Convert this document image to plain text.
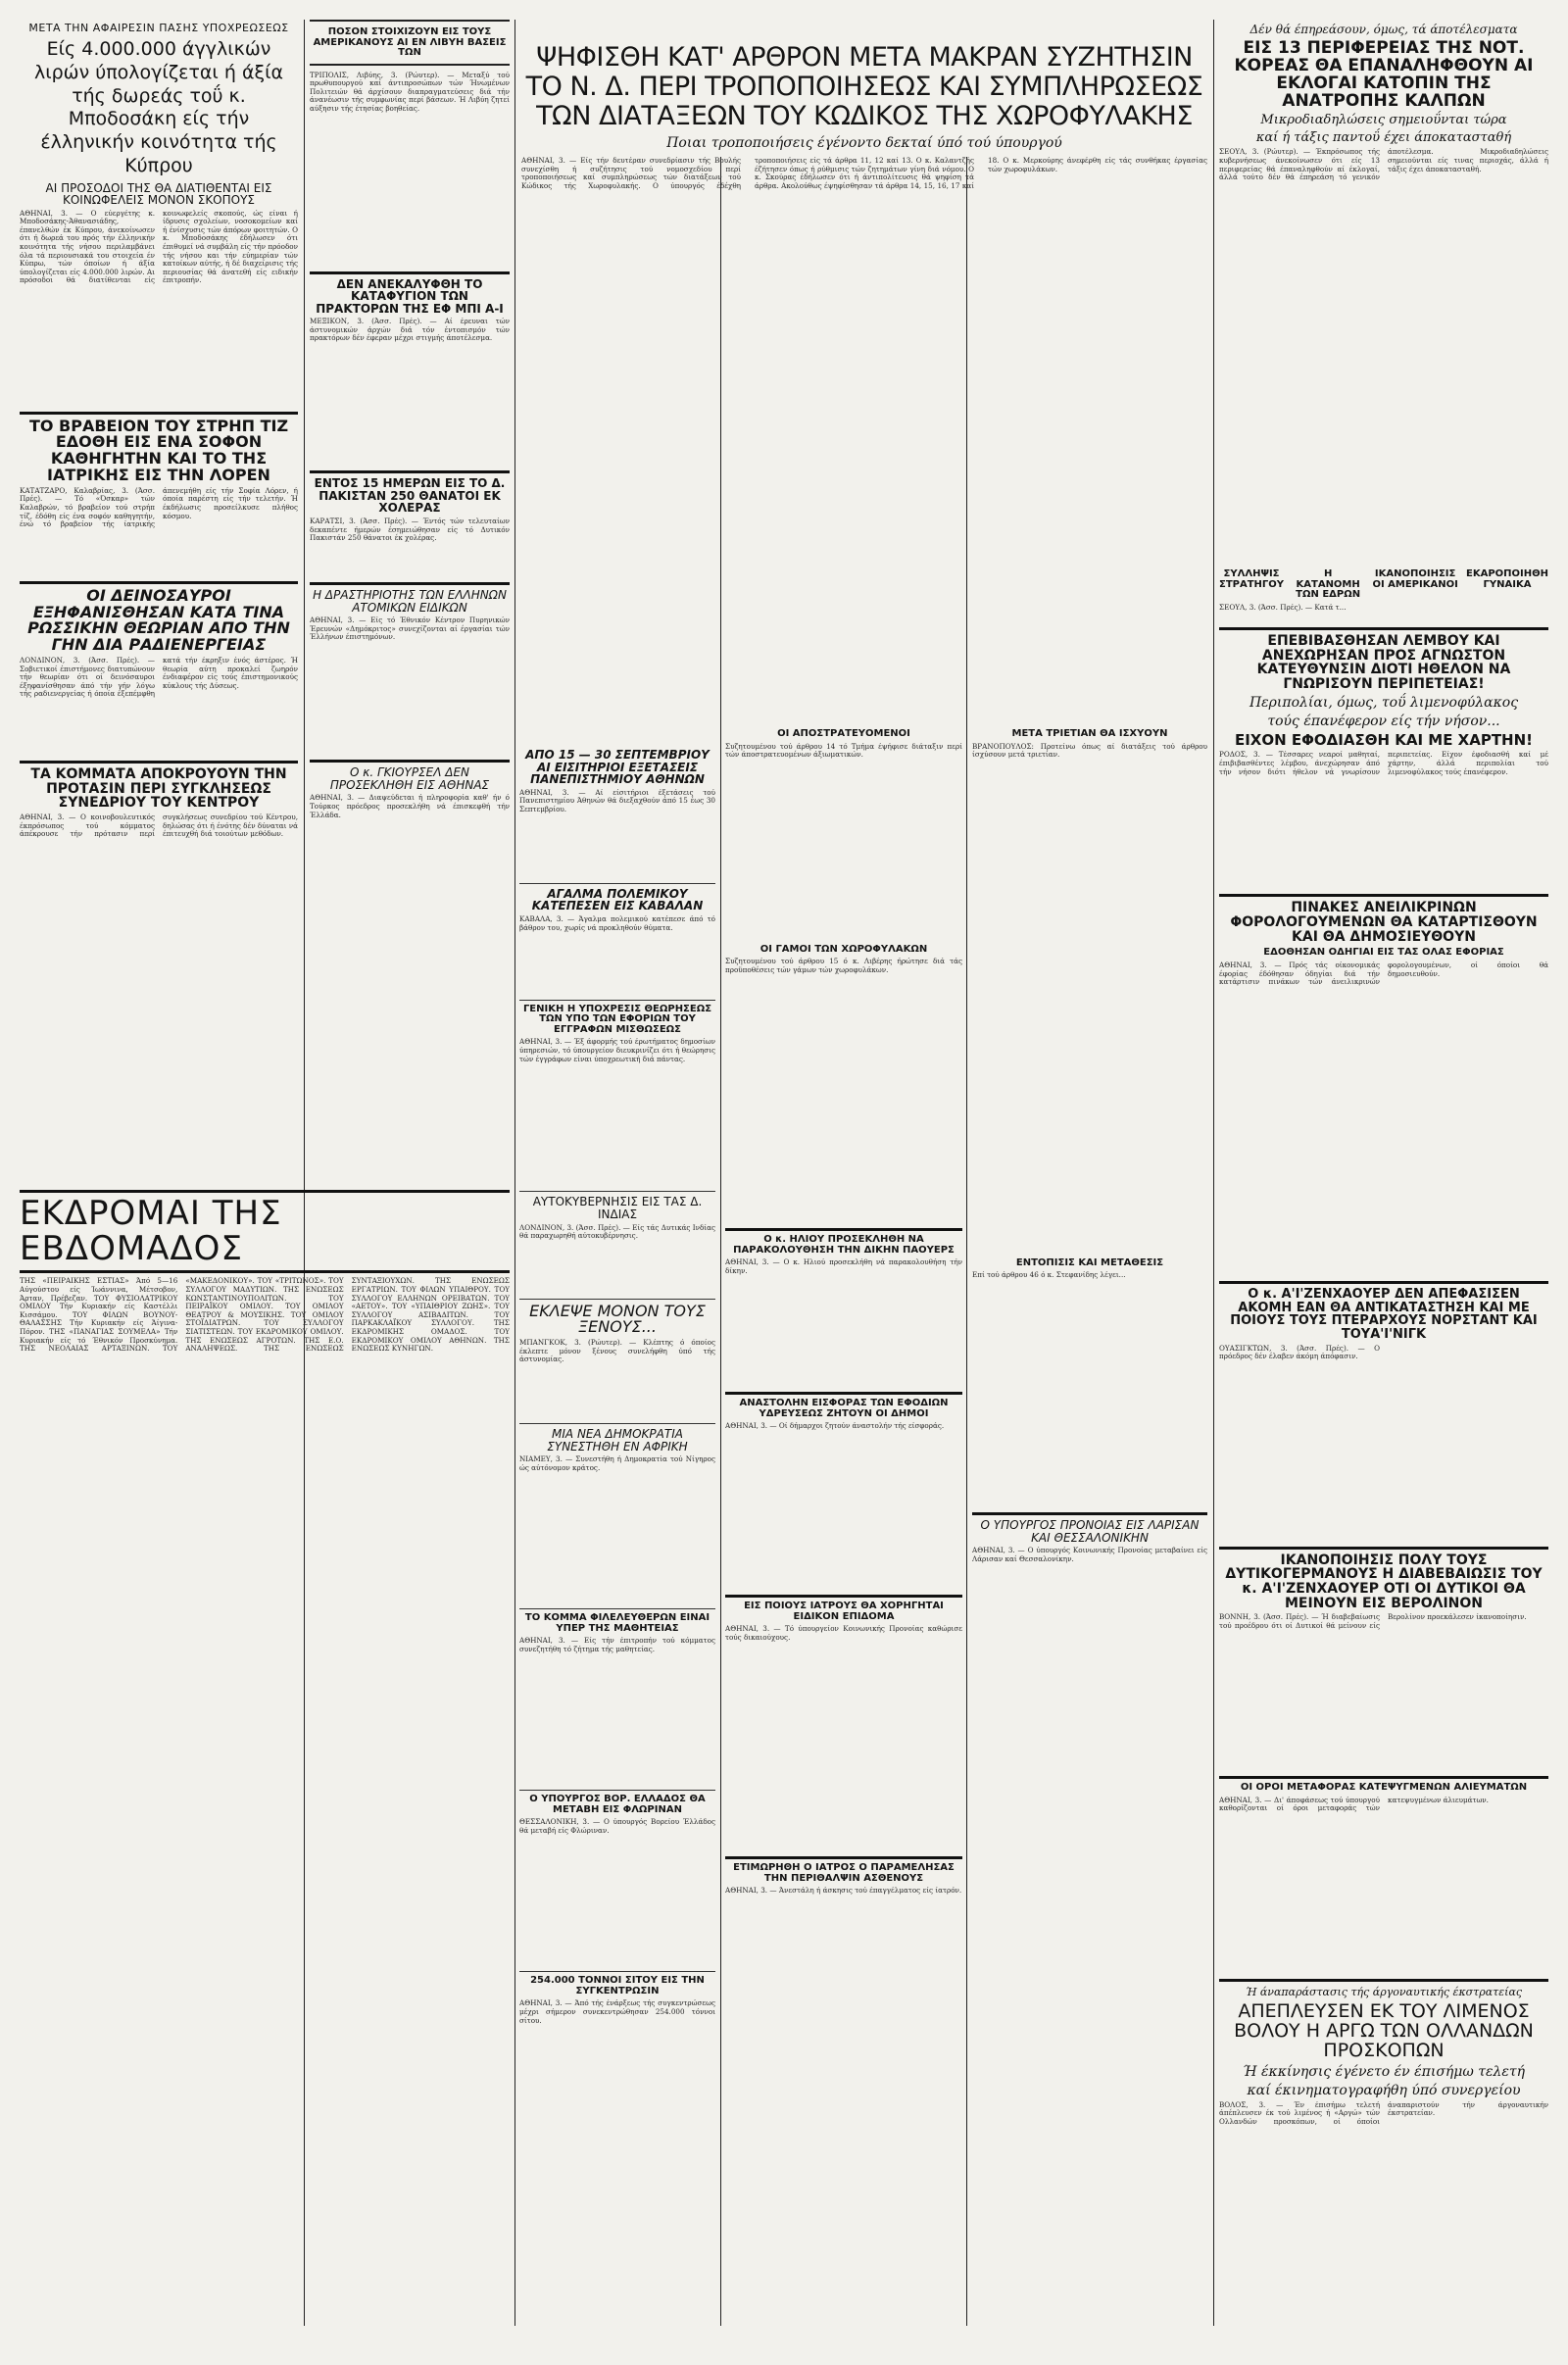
ΜΕΤΑ ΤΗΝ ΑΦΑΙΡΕΣΙΝ ΠΑΣΗΣ ΥΠΟΧΡΕΩΣΕΩΣ
Είς 4.000.000 άγγλικών λιρών ύπολογίζεται ή άξία τής δωρεάς τοΰ κ. Μποδοσάκη είς τήν έλληνικήν κοινότητα τής Κύπρου
ΑΙ ΠΡΟΣΟΔΟΙ ΤΗΣ ΘΑ ΔΙΑΤΙΘΕΝΤΑΙ ΕΙΣ ΚΟΙΝΩΦΕΛΕΙΣ ΜΟΝΟΝ ΣΚΟΠΟΥΣ
ΑΘΗΝΑΙ, 3. — Ο εύεργέτης κ. Μποδοσάκης-Άθανασιάδης, έπανελθών έκ Κύπρου, άνεκοίνωσεν ότι ή δωρεά του πρός τήν έλληνικήν κοινότητα τής νήσου περιλαμβάνει όλα τά περιουσιακά του στοιχεία έν Κύπρω, τών όποίων ή άξία ύπολογίζεται είς 4.000.000 λιρών. Αι πρόσοδοι θά διατίθενται είς κοινωφελείς σκοπούς, ώς είναι ή ίδρυσις σχολείων, νοσοκομείων καί ή ένίσχυσις τών άπόρων φοιτητών. Ο κ. Μποδοσάκης έδήλωσεν ότι έπιθυμεί νά συμβάλη είς τήν πρόοδον τής νήσου και τήν εύημερίαν τών κατοίκων αύτής, ή δέ διαχείρισις τής περιουσίας θά άνατεθή είς ειδικήν έπιτροπήν.
ΤΟ ΒΡΑΒΕΙΟΝ ΤΟΥ ΣΤΡΗΠ ΤΙΖ ΕΔΟΘΗ ΕΙΣ ΕΝΑ ΣΟΦΟΝ ΚΑΘΗΓΗΤΗΝ ΚΑΙ ΤΟ ΤΗΣ ΙΑΤΡΙΚΗΣ ΕΙΣ ΤΗΝ ΛΟΡΕΝ
ΚΑΤΑΤΖΑΡΟ, Καλαβρίας, 3. (Άσσ. Πρές). — Τό «Όσκαρ» τών Καλαβρών, τό βραβείον τού στρήπ τίζ, έδόθη είς ένα σοφόν καθηγητήν, ένώ τό βραβείον τής ίατρικής άπενεμήθη είς τήν Σοφία Λόρεν, ή όποία παρέστη είς τήν τελετήν. Ή έκδήλωσις προσείλκυσε πλήθος κόσμου.
ΟΙ ΔΕΙΝΟΣΑΥΡΟΙ ΕΞΗΦΑΝΙΣΘΗΣΑΝ ΚΑΤΑ ΤΙΝΑ ΡΩΣΣΙΚΗΝ ΘΕΩΡΙΑΝ ΑΠΟ ΤΗΝ ΓΗΝ ΔΙΑ ΡΑΔΙΕΝΕΡΓΕΙΑΣ
ΛΟΝΔΙΝΟΝ, 3. (Άσσ. Πρές). — Σοβιετικοί έπιστήμονες διατυπώνουν τήν θεωρίαν ότι οί δεινόσαυροι έξηφανίσθησαν άπό τήν γήν λόγω τής ραδιενεργείας ή όποία έξεπέμφθη κατά τήν έκρηξιν ένός άστέρος. Ή θεωρία αύτη προκαλεί ζωηρόν ένδιαφέρον είς τούς έπιστημονικούς κύκλους τής Δύσεως.
ΤΑ ΚΟΜΜΑΤΑ ΑΠΟΚΡΟΥΟΥΝ ΤΗΝ ΠΡΟΤΑΣΙΝ ΠΕΡΙ ΣΥΓΚΛΗΣΕΩΣ ΣΥΝΕΔΡΙΟΥ ΤΟΥ ΚΕΝΤΡΟΥ
ΑΘΗΝΑΙ, 3. — Ο κοινοβουλευτικός έκπρόσωπος τού κόμματος άπέκρουσε τήν πρότασιν περί συγκλήσεως συνεδρίου τού Κέντρου, δηλώσας ότι ή ένότης δέν δύναται νά έπιτευχθή διά τοιούτων μεθόδων.
ΕΚΔΡΟΜΑΙ ΤΗΣ ΕΒΔΟΜΑΔΟΣ
ΤΗΣ «ΠΕΙΡΑΪΚΗΣ ΕΣΤΙΑΣ» Άπό 5—16 Αύγούστου είς Ίωάννινα, Μέτσοβον, Άρταν, Πρέβεζαν. ΤΟΥ ΦΥΣΙΟΛΑΤΡΙΚΟΥ ΟΜΙΛΟΥ Τήν Κυριακήν είς Καστέλλι Κισσάμου. ΤΟΥ ΦΙΛΩΝ ΒΟΥΝΟΥ-ΘΑΛΑΣΣΗΣ Τήν Κυριακήν είς Άίγινα-Πόρον. ΤΗΣ «ΠΑΝΑΓΙΑΣ ΣΟΥΜΕΛΑ» Τήν Κυριακήν είς τό Έθνικόν Προσκύνημα. ΤΗΣ ΝΕΟΛΑΙΑΣ ΑΡΤΑΞΙΝΩΝ. ΤΟΥ «ΜΑΚΕΔΟΝΙΚΟΥ». ΤΟΥ «ΤΡΙΤΩΝΟΣ». ΤΟΥ ΣΥΛΛΟΓΟΥ ΜΑΔΥΤΙΩΝ. ΤΗΣ ΕΝΩΣΕΩΣ ΚΩΝΣΤΑΝΤΙΝΟΥΠΟΛΙΤΩΝ. ΤΟΥ ΠΕΙΡΑΪΚΟΥ ΟΜΙΛΟΥ. ΤΟΥ ΟΜΙΛΟΥ ΘΕΑΤΡΟΥ & ΜΟΥΣΙΚΗΣ. ΤΟΥ ΟΜΙΛΟΥ ΣΤΟΪΔΙΑΤΡΩΝ. ΤΟΥ ΣΥΛΛΟΓΟΥ ΣΙΑΤΙΣΤΕΩΝ. ΤΟΥ ΕΚΔΡΟΜΙΚΟΥ ΟΜΙΛΟΥ. ΤΗΣ ΕΝΩΣΕΩΣ ΑΓΡΟΤΩΝ. ΤΗΣ Ε.Ο. ΑΝΑΛΗΨΕΩΣ. ΤΗΣ ΕΝΩΣΕΩΣ ΣΥΝΤΑΞΙΟΥΧΩΝ. ΤΗΣ ΕΝΩΣΕΩΣ ΕΡΓΑΤΡΙΩΝ. ΤΟΥ ΦΙΛΩΝ ΥΠΑΙΘΡΟΥ. ΤΟΥ ΣΥΛΛΟΓΟΥ ΕΛΛΗΝΩΝ ΟΡΕΙΒΑΤΩΝ. ΤΟΥ «ΑΕΤΟΥ». ΤΟΥ «ΥΠΑΙΘΡΙΟΥ ΖΩΗΣ». ΤΟΥ ΣΥΛΛΟΓΟΥ ΑΣΙΒΑΔΙΤΩΝ. ΤΟΥ ΠΑΡΚΑΚΛΑΪΚΟΥ ΣΥΛΛΟΓΟΥ. ΤΗΣ ΕΚΔΡΟΜΙΚΗΣ ΟΜΑΔΟΣ. ΤΟΥ ΕΚΔΡΟΜΙΚΟΥ ΟΜΙΛΟΥ ΑΘΗΝΩΝ. ΤΗΣ ΕΝΩΣΕΩΣ ΚΥΝΗΓΩΝ.
ΠΟΣΟΝ ΣΤΟΙΧΙΖΟΥΝ ΕΙΣ ΤΟΥΣ ΑΜΕΡΙΚΑΝΟΥΣ ΑΙ ΕΝ ΛΙΒΥΗ ΒΑΣΕΙΣ ΤΩΝ
ΤΡΙΠΟΛΙΣ, Λιβύης, 3. (Ρώυτερ). — Μεταξύ τού πρωθυπουργού καί άντιπροσώπων τών Ήνωμένων Πολιτειών θά άρχίσουν διαπραγματεύσεις διά τήν άνανέωσιν τής συμφωνίας περί βάσεων. Ή Λιβύη ζητεί αύξησιν τής έτησίας βοηθείας.
ΔΕΝ ΑΝΕΚΑΛΥΦΘΗ ΤΟ ΚΑΤΑΦΥΓΙΟΝ ΤΩΝ ΠΡΑΚΤΟΡΩΝ ΤΗΣ ΕΦ ΜΠΙ Α-Ι
ΜΕΞΙΚΟΝ, 3. (Άσσ. Πρές). — Αί έρευναι τών άστυνομικών άρχών διά τόν έντοπισμόν τών πρακτόρων δέν έφεραν μέχρι στιγμής άποτέλεσμα.
ΕΝΤΟΣ 15 ΗΜΕΡΩΝ ΕΙΣ ΤΟ Δ. ΠΑΚΙΣΤΑΝ 250 ΘΑΝΑΤΟΙ ΕΚ ΧΟΛΕΡΑΣ
ΚΑΡΑΤΣΙ, 3. (Άσσ. Πρές). — Έντός τών τελευταίων δεκαπέντε ήμερών έσημειώθησαν είς τό Δυτικόν Πακιστάν 250 θάνατοι έκ χολέρας.
Η ΔΡΑΣΤΗΡΙΟΤΗΣ ΤΩΝ ΕΛΛΗΝΩΝ ΑΤΟΜΙΚΩΝ ΕΙΔΙΚΩΝ
ΑΘΗΝΑΙ, 3. — Είς τό Έθνικόν Κέντρον Πυρηνικών Έρευνών «Δημόκριτος» συνεχίζονται αί έργασίαι τών Έλλήνων έπιστημόνων.
Ο κ. ΓΚΙΟΥΡΣΕΛ ΔΕΝ ΠΡΟΣΕΚΛΗΘΗ ΕΙΣ ΑΘΗΝΑΣ
ΑΘΗΝΑΙ, 3. — Διαψεύδεται ή πληροφορία καθ' ήν ό Τούρκος πρόεδρος προσεκλήθη νά έπισκεφθή τήν Έλλάδα.
ΑΠΟ 15 — 30 ΣΕΠΤΕΜΒΡΙΟΥ ΑΙ ΕΙΣΙΤΗΡΙΟΙ ΕΞΕΤΑΣΕΙΣ ΠΑΝΕΠΙΣΤΗΜΙΟΥ ΑΘΗΝΩΝ
ΑΘΗΝΑΙ, 3. — Αί είσιτήριοι έξετάσεις τού Πανεπιστημίου Άθηνών θά διεξαχθούν άπό 15 έως 30 Σεπτεμβρίου.
ΑΓΑΛΜΑ ΠΟΛΕΜΙΚΟΥ ΚΑΤΕΠΕΣΕΝ ΕΙΣ ΚΑΒΑΛΑΝ
ΚΑΒΑΛΑ, 3. — Άγαλμα πολεμικού κατέπεσε άπό τό βάθρον του, χωρίς νά προκληθούν θύματα.
ΓΕΝΙΚΗ Η ΥΠΟΧΡΕΣΙΣ ΘΕΩΡΗΣΕΩΣ ΤΩΝ ΥΠΟ ΤΩΝ ΕΦΟΡΙΩΝ ΤΟΥ ΕΓΓΡΑΦΩΝ ΜΙΣΘΩΣΕΩΣ
ΑΘΗΝΑΙ, 3. — Έξ άφορμής τού έρωτήματος δημοσίων ύπηρεσιών, τό ύπουργείον διευκρινίζει ότι ή θεώρησις τών έγγράφων είναι ύποχρεωτική διά πάντας.
ΑΥΤΟΚΥΒΕΡΝΗΣΙΣ ΕΙΣ ΤΑΣ Δ. ΙΝΔΙΑΣ
ΛΟΝΔΙΝΟΝ, 3. (Άσσ. Πρές). — Είς τάς Δυτικάς Ινδίας θά παραχωρηθή αύτοκυβέρνησις.
ΕΚΛΕΨΕ ΜΟΝΟΝ ΤΟΥΣ ΞΕΝΟΥΣ...
ΜΠΑΝΓΚΟΚ, 3. (Ρώυτερ). — Κλέπτης ό όποίος έκλεπτε μόνον ξένους συνελήφθη ύπό τής άστυνομίας.
ΜΙΑ ΝΕΑ ΔΗΜΟΚΡΑΤΙΑ ΣΥΝΕΣΤΗΘΗ ΕΝ ΑΦΡΙΚΗ
ΝΙΑΜΕΥ, 3. — Συνεστήθη ή Δημοκρατία τού Νίγηρος ώς αύτόνομον κράτος.
ΤΟ ΚΟΜΜΑ ΦΙΛΕΛΕΥΘΕΡΩΝ ΕΙΝΑΙ ΥΠΕΡ ΤΗΣ ΜΑΘΗΤΕΙΑΣ
ΑΘΗΝΑΙ, 3. — Είς τήν έπιτροπήν τού κόμματος συνεζητήθη τό ζήτημα τής μαθητείας.
Ο ΥΠΟΥΡΓΟΣ ΒΟΡ. ΕΛΛΑΔΟΣ ΘΑ ΜΕΤΑΒΗ ΕΙΣ ΦΛΩΡΙΝΑΝ
ΘΕΣΣΑΛΟΝΙΚΗ, 3. — Ο ύπουργός Βορείου Έλλάδος θά μεταβή είς Φλώριναν.
254.000 ΤΟΝΝΟΙ ΣΙΤΟΥ ΕΙΣ ΤΗΝ ΣΥΓΚΕΝΤΡΩΣΙΝ
ΑΘΗΝΑΙ, 3. — Άπό τής ένάρξεως τής συγκεντρώσεως μέχρι σήμερον συνεκεντρώθησαν 254.000 τόννοι σίτου.
ΨΗΦΙΣΘΗ ΚΑΤ' ΑΡΘΡΟΝ ΜΕΤΑ ΜΑΚΡΑΝ ΣΥΖΗΤΗΣΙΝ ΤΟ Ν. Δ. ΠΕΡΙ ΤΡΟΠΟΠΟΙΗΣΕΩΣ ΚΑΙ ΣΥΜΠΛΗΡΩΣΕΩΣ ΤΩΝ ΔΙΑΤΑΞΕΩΝ ΤΟΥ ΚΩΔΙΚΟΣ ΤΗΣ ΧΩΡΟΦΥΛΑΚΗΣ
Ποιαι τροποποιήσεις έγένοντο δεκταί ύπό τού ύπουργού
ΑΘΗΝΑΙ, 3. — Είς τήν δευτέραν συνεδρίασιν τής Βουλής συνεχίσθη ή συζήτησις τού νομοσχεδίου περί τροποποιήσεως καί συμπληρώσεως τών διατάξεων τού Κώδικος τής Χωροφυλακής. Ο ύπουργός έδέχθη τροποποιήσεις είς τά άρθρα 11, 12 καί 13. Ο κ. Καλαντζής έζήτησεν όπως ή ρύθμισις τών ζητημάτων γίνη διά νόμου. Ο κ. Σκούρας έδήλωσεν ότι ή άντιπολίτευσις θά ψηφίση τά άρθρα. Ακολούθως έψηφίσθησαν τά άρθρα 14, 15, 16, 17 καί 18. Ο κ. Μερκούρης άνεφέρθη είς τάς συνθήκας έργασίας τών χωροφυλάκων.
ΟΙ ΑΠΟΣΤΡΑΤΕΥΟΜΕΝΟΙ
Συζητουμένου τού άρθρου 14 τό Τμήμα έψήφισε διάταξιν περί τών άποστρατευομένων άξιωματικών.
ΟΙ ΓΑΜΟΙ ΤΩΝ ΧΩΡΟΦΥΛΑΚΩΝ
Συζητουμένου τού άρθρου 15 ό κ. Λιβέρης ήρώτησε διά τάς προϋποθέσεις τών γάμων τών χωροφυλάκων.
Ο κ. ΗΛΙΟΥ ΠΡΟΣΕΚΛΗΘΗ ΝΑ ΠΑΡΑΚΟΛΟΥΘΗΣΗ ΤΗΝ ΔΙΚΗΝ ΠΑΟΥΕΡΣ
ΑΘΗΝΑΙ, 3. — Ο κ. Ηλιού προσεκλήθη νά παρακολουθήση τήν δίκην.
ΑΝΑΣΤΟΛΗΝ ΕΙΣΦΟΡΑΣ ΤΩΝ ΕΦΟΔΙΩΝ ΥΔΡΕΥΣΕΩΣ ΖΗΤΟΥΝ ΟΙ ΔΗΜΟΙ
ΑΘΗΝΑΙ, 3. — Οί δήμαρχοι ζητούν άναστολήν τής είσφοράς.
ΕΙΣ ΠΟΙΟΥΣ ΙΑΤΡΟΥΣ ΘΑ ΧΟΡΗΓΗΤΑΙ ΕΙΔΙΚΟΝ ΕΠΙΔΟΜΑ
ΑΘΗΝΑΙ, 3. — Τό ύπουργείον Κοινωνικής Προνοίας καθώρισε τούς δικαιούχους.
ΕΤΙΜΩΡΗΘΗ Ο ΙΑΤΡΟΣ Ο ΠΑΡΑΜΕΛΗΣΑΣ ΤΗΝ ΠΕΡΙΘΑΛΨΙΝ ΑΣΘΕΝΟΥΣ
ΑΘΗΝΑΙ, 3. — Άνεστάλη ή άσκησις τού έπαγγέλματος είς ίατρόν.
ΜΕΤΑ ΤΡΙΕΤΙΑΝ ΘΑ ΙΣΧΥΟΥΝ
ΒΡΑΝΟΠΟΥΛΟΣ: Προτείνω όπως αί διατάξεις τού άρθρου ίσχύσουν μετά τριετίαν.
ΕΝΤΟΠΙΣΙΣ ΚΑΙ ΜΕΤΑΘΕΣΙΣ
Επί τού άρθρου 46 ό κ. Στεφανίδης λέγει...
Ο ΥΠΟΥΡΓΟΣ ΠΡΟΝΟΙΑΣ ΕΙΣ ΛΑΡΙΣΑΝ ΚΑΙ ΘΕΣΣΑΛΟΝΙΚΗΝ
ΑΘΗΝΑΙ, 3. — Ο ύπουργός Κοινωνικής Προνοίας μεταβαίνει είς Λάρισαν καί Θεσσαλονίκην.
Δέν θά έπηρεάσουν, όμως, τά άποτέλεσματα
ΕΙΣ 13 ΠΕΡΙΦΕΡΕΙΑΣ ΤΗΣ ΝΟΤ. ΚΟΡΕΑΣ ΘΑ ΕΠΑΝΑΛΗΦΘΟΥΝ ΑΙ ΕΚΛΟΓΑΙ ΚΑΤΟΠΙΝ ΤΗΣ ΑΝΑΤΡΟΠΗΣ ΚΑΛΠΩΝ
Μικροδιαδηλώσεις σημειοΰνται τώρα
καί ή τάξις παντοΰ έχει άποκατασταθή
ΣΕΟΥΛ, 3. (Ρώυτερ). — Έκπρόσωπος τής κυβερνήσεως άνεκοίνωσεν ότι είς 13 περιφερείας θά έπαναληφθούν αί έκλογαί, άλλά τούτο δέν θά έπηρεάση τό γενικόν άποτέλεσμα. Μικροδιαδηλώσεις σημειούνται είς τινας περιοχάς, άλλά ή τάξις έχει άποκατασταθή.
ΣΥΛΛΗΨΙΣ ΣΤΡΑΤΗΓΟΥ
Η ΚΑΤΑΝΟΜΗ ΤΩΝ ΕΔΡΩΝ
ΙΚΑΝΟΠΟΙΗΣΙΣ ΟΙ ΑΜΕΡΙΚΑΝΟΙ
ΕΚΑΡΟΠΟΙΗΘΗ ΓΥΝΑΙΚΑ
ΣΕΟΥΛ, 3. (Άσσ. Πρές). — Κατά τ...
ΕΠΕΒΙΒΑΣΘΗΣΑΝ ΛΕΜΒΟΥ ΚΑΙ ΑΝΕΧΩΡΗΣΑΝ ΠΡΟΣ ΑΓΝΩΣΤΟΝ ΚΑΤΕΥΘΥΝΣΙΝ ΔΙΟΤΙ ΗΘΕΛΟΝ ΝΑ ΓΝΩΡΙΣΟΥΝ ΠΕΡΙΠΕΤΕΙΑΣ!
Περιπολίαι, όμως, τοΰ λιμενοφύλακος
τούς έπανέφερον είς τήν νήσον...
ΕΙΧΟΝ ΕΦΟΔΙΑΣΘΗ ΚΑΙ ΜΕ ΧΑΡΤΗΝ!
ΡΟΔΟΣ, 3. — Τέσσαρες νεαροί μαθηταί, έπιβιβασθέντες λέμβου, άνεχώρησαν άπό τήν νήσον διότι ήθελον νά γνωρίσουν περιπετείας. Είχον έφοδιασθή καί μέ χάρτην, άλλά περιπολίαι τού λιμενοφύλακος τούς έπανέφερον.
ΠΙΝΑΚΕΣ ΑΝΕΙΛΙΚΡΙΝΩΝ ΦΟΡΟΛΟΓΟΥΜΕΝΩΝ ΘΑ ΚΑΤΑΡΤΙΣΘΟΥΝ ΚΑΙ ΘΑ ΔΗΜΟΣΙΕΥΘΟΥΝ
ΕΔΟΘΗΣΑΝ ΟΔΗΓΙΑΙ ΕΙΣ ΤΑΣ ΟΛΑΣ ΕΦΟΡΙΑΣ
ΑΘΗΝΑΙ, 3. — Πρός τάς οίκονομικάς έφορίας έδόθησαν όδηγίαι διά τήν κατάρτισιν πινάκων τών άνειλικρινών φορολογουμένων, οί όποίοι θά δημοσιευθούν.
Ο κ. Α'Ι'ΖΕΝΧΑΟΥΕΡ ΔΕΝ ΑΠΕΦΑΣΙΣΕΝ ΑΚΟΜΗ ΕΑΝ ΘΑ ΑΝΤΙΚΑΤΑΣΤΗΣΗ ΚΑΙ ΜΕ ΠΟΙΟΥΣ ΤΟΥΣ ΠΤΕΡΑΡΧΟΥΣ ΝΟΡΣΤΑΝΤ ΚΑΙ ΤΟΥΑ'Ι'ΝΙΓΚ
ΟΥΑΣΙΓΚΤΩΝ, 3. (Άσσ. Πρές). — Ο πρόεδρος δέν έλαβεν άκόμη άπόφασιν.
ΙΚΑΝΟΠΟΙΗΣΙΣ ΠΟΛΥ ΤΟΥΣ ΔΥΤΙΚΟΓΕΡΜΑΝΟΥΣ Η ΔΙΑΒΕΒΑΙΩΣΙΣ ΤΟΥ κ. Α'Ι'ΖΕΝΧΑΟΥΕΡ ΟΤΙ ΟΙ ΔΥΤΙΚΟΙ ΘΑ ΜΕΙΝΟΥΝ ΕΙΣ ΒΕΡΟΛΙΝΟΝ
ΒΟΝΝΗ, 3. (Άσσ. Πρές). — Ή διαβεβαίωσις τού προέδρου ότι οί Δυτικοί θά μείνουν είς Βερολίνον προεκάλεσεν ίκανοποίησιν.
ΟΙ ΟΡΟΙ ΜΕΤΑΦΟΡΑΣ ΚΑΤΕΨΥΓΜΕΝΩΝ ΑΛΙΕΥΜΑΤΩΝ
ΑΘΗΝΑΙ, 3. — Δι' άποφάσεως τού ύπουργού καθορίζονται οί όροι μεταφοράς τών κατεψυγμένων άλιευμάτων.
Ή άναπαράστασις τής άργοναυτικής έκστρατείας
ΑΠΕΠΛΕΥΣΕΝ ΕΚ ΤΟΥ ΛΙΜΕΝΟΣ ΒΟΛΟΥ Η ΑΡΓΩ ΤΩΝ ΟΛΛΑΝΔΩΝ ΠΡΟΣΚΟΠΩΝ
Ή έκκίνησις έγένετο έν έπισήμω τελετή
καί έκινηματογραφήθη ύπό συνεργείου
ΒΟΛΟΣ, 3. — Έν έπισήμω τελετή άπέπλευσεν έκ τού λιμένος ή «Αργώ» τών Ολλανδών προσκόπων, οί όποίοι άναπαριστούν τήν άργοναυτικήν έκστρατείαν.
